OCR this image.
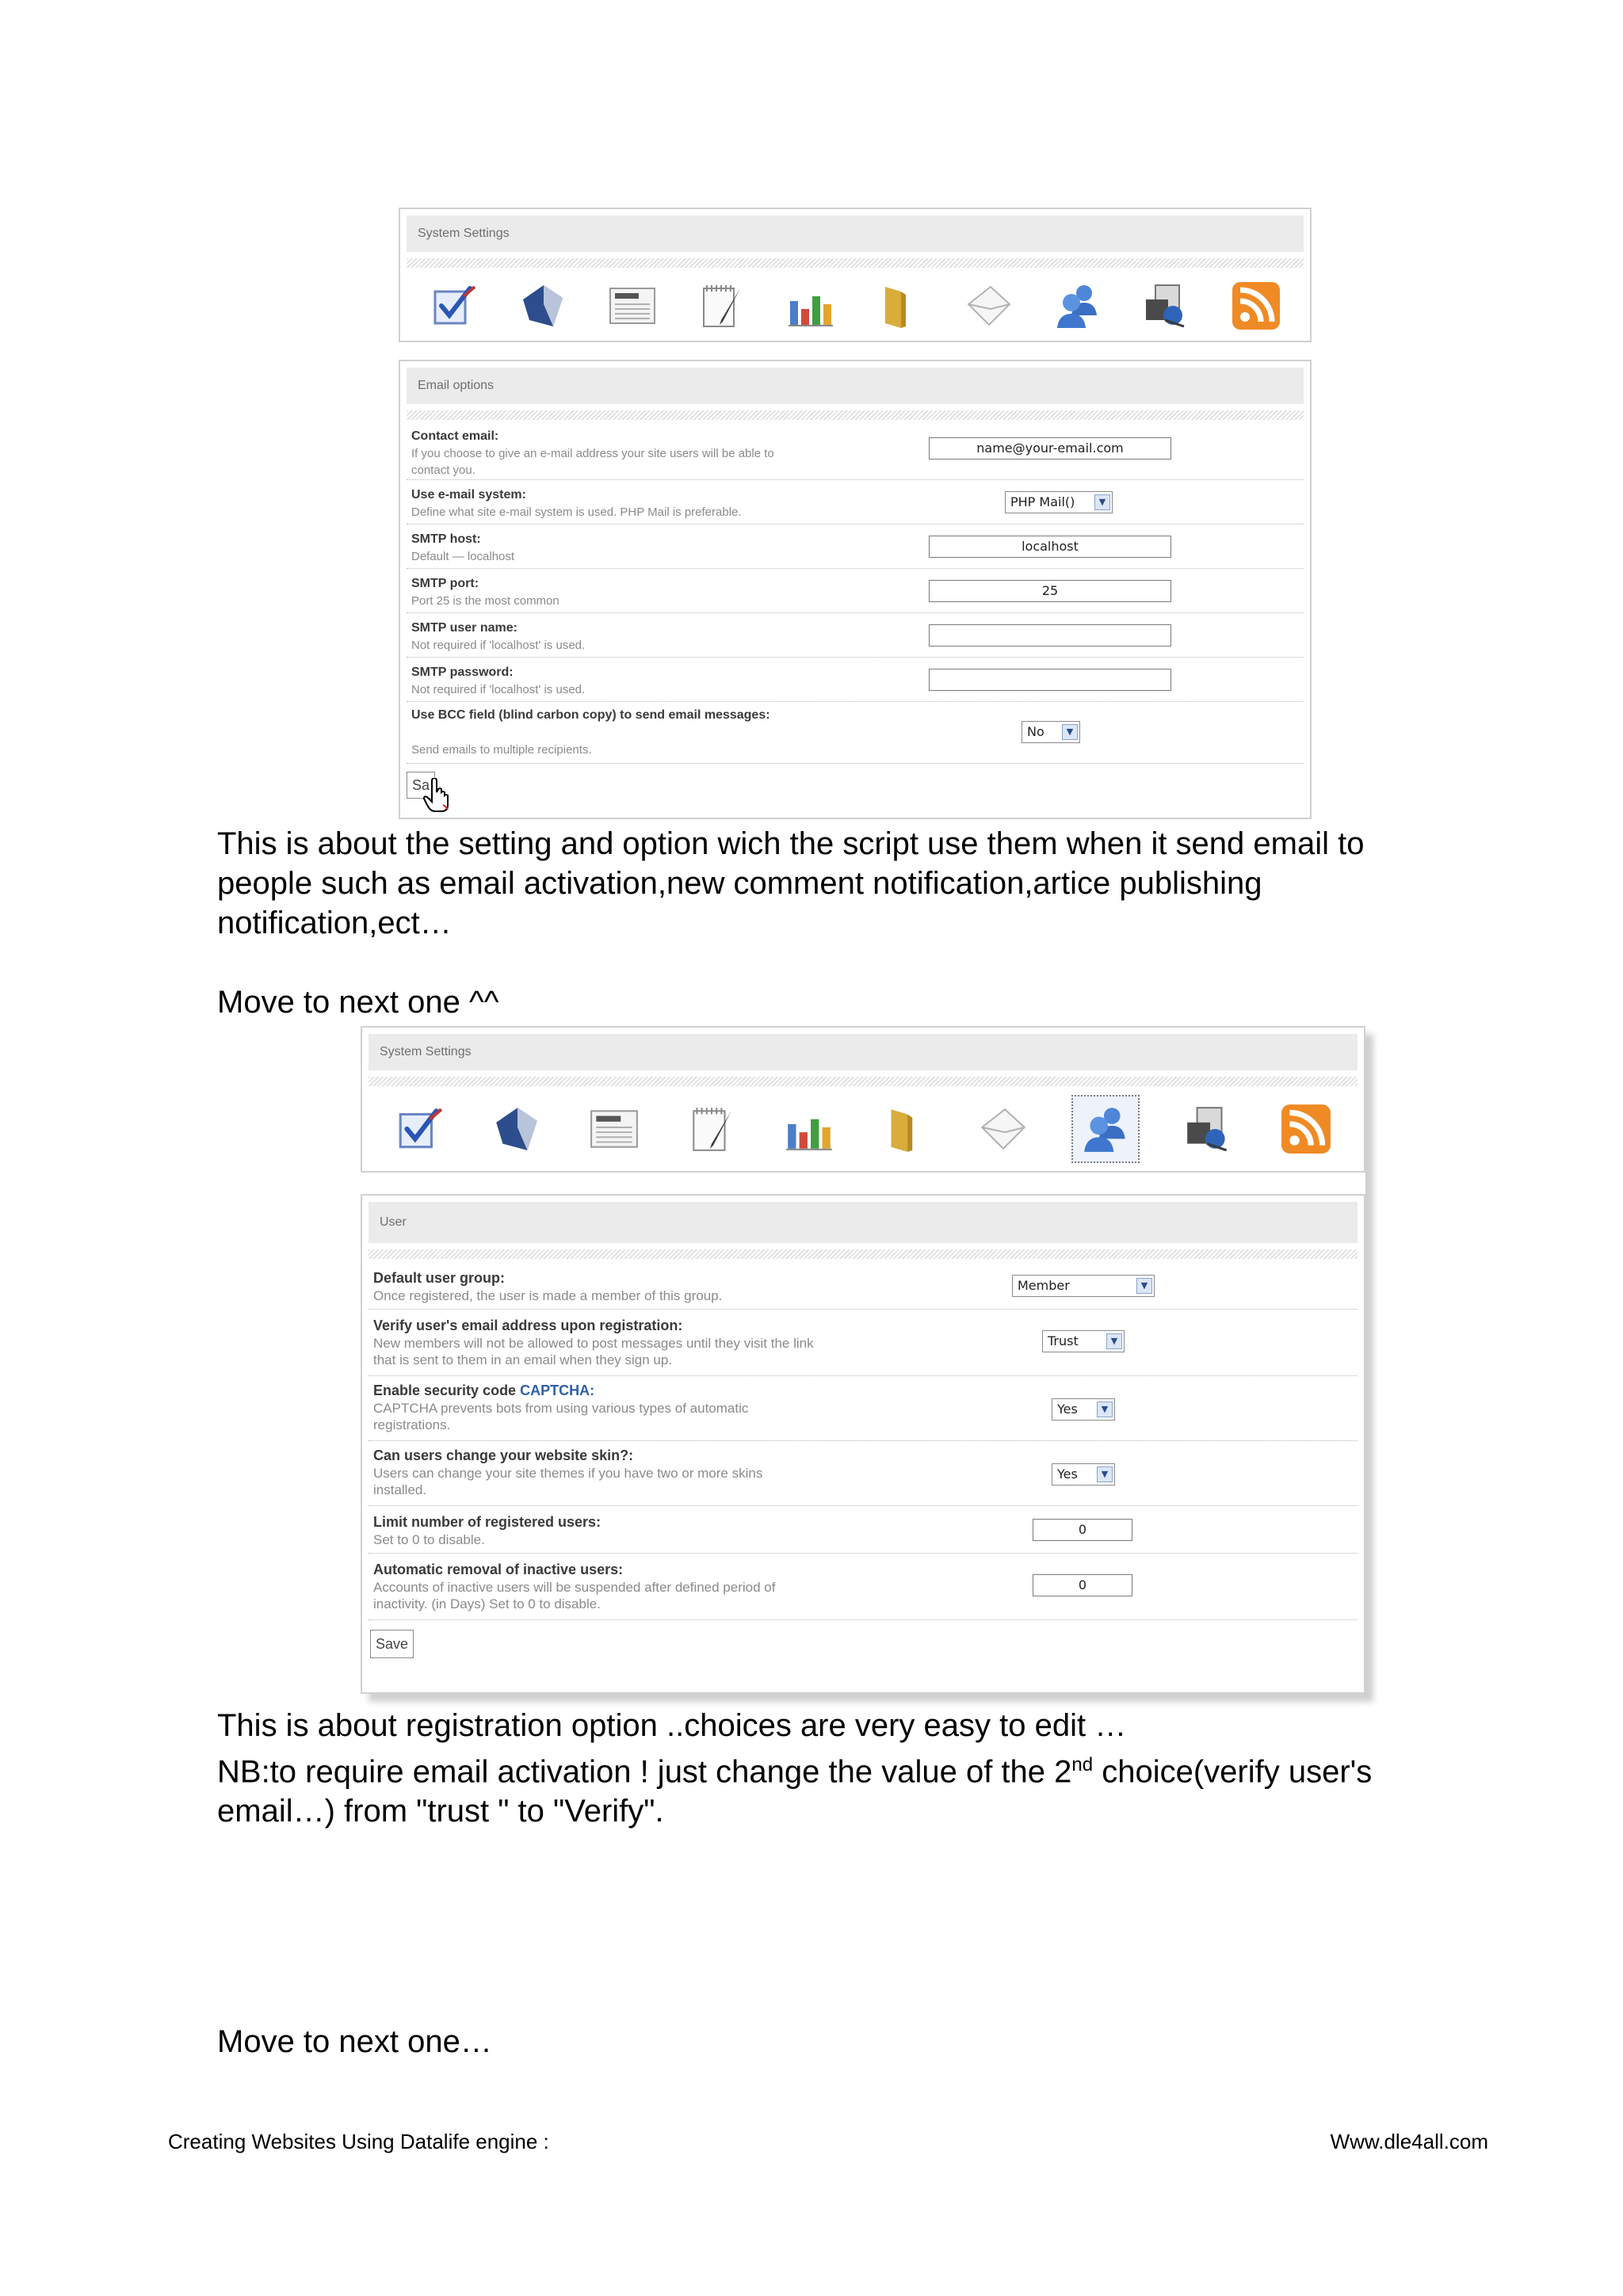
System Settings
Email options
Contact email:
If you choose to give an e-mail address your site users will be able to contact you.
name@your-email.com
Use e-mail system:
Define what site e-mail system is used. PHP Mail is preferable.
PHP Mail()	▼
SMTP host:
Default — localhost
localhost
SMTP port:
Port 25 is the most common
25
SMTP user name:
Not required if 'localhost' is used.
SMTP password:
Not required if 'localhost' is used.
Use BCC field (blind carbon copy) to send email messages:
Send emails to multiple recipients.
No	▼
Sa
This is about the setting and option wich the script use them when it send email to people such as email activation,new comment notification,artice publishing notification,ect…
Move to next one ^^
System Settings
User
Default user group:
Once registered, the user is made a member of this group.
Member	▼
Verify user's email address upon registration:
New members will not be allowed to post messages until they visit the link that is sent to them in an email when they sign up.
Trust	▼
Enable security code CAPTCHA:
CAPTCHA prevents bots from using various types of automatic registrations.
Yes	▼
Can users change your website skin?:
Users can change your site themes if you have two or more skins installed.
Yes	▼
Limit number of registered users:
Set to 0 to disable.
0
Automatic removal of inactive users:
Accounts of inactive users will be suspended after defined period of inactivity. (in Days) Set to 0 to disable.
0
Save
This is about registration option ..choices are very easy to edit …
NB:to require email activation ! just change the value of the 2nd choice(verify user's email…) from "trust " to "Verify".
Move to next one…
Creating Websites Using Datalife engine :	Www.dle4all.com
